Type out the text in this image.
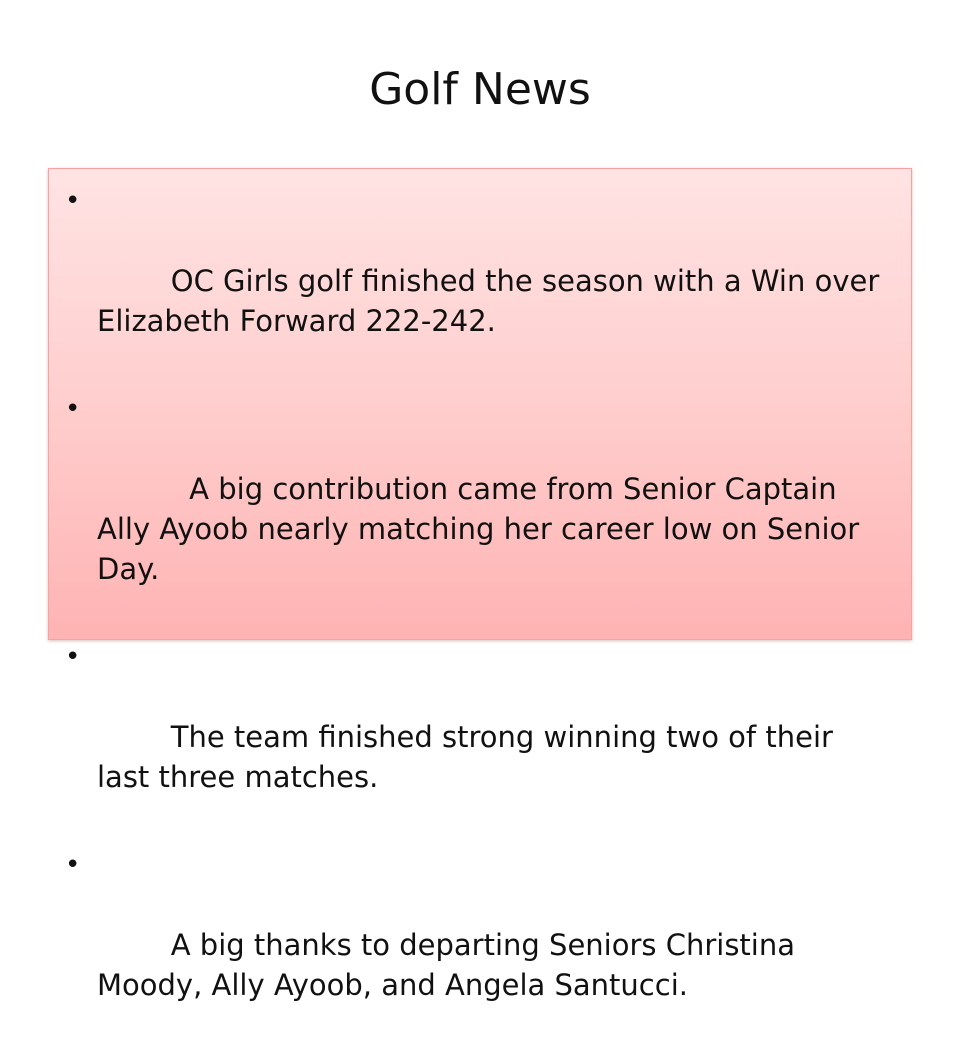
Golf News

•

OC Girls golf finished the season with a Win over Elizabeth Forward 222-242.

•

A big contribution came from Senior Captain Ally Ayoob nearly matching her career low on Senior Day.

•

The team finished strong winning two of their last three matches.

•

A big thanks to departing Seniors Christina Moody, Ally Ayoob, and Angela Santucci.
